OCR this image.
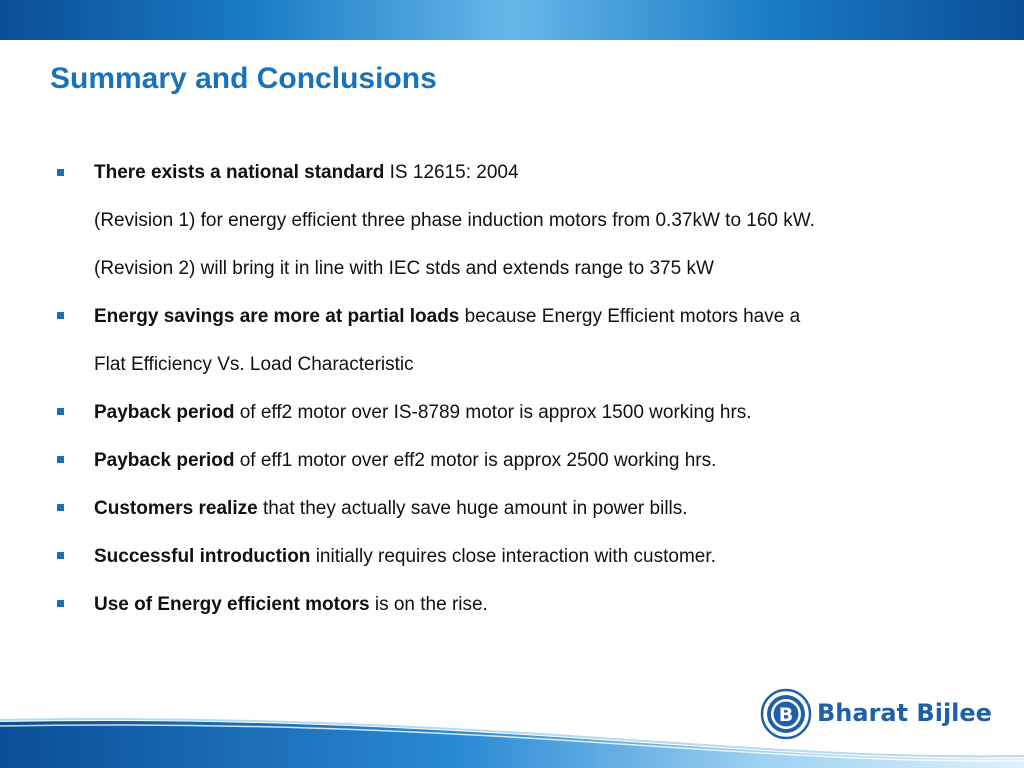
Summary and Conclusions
There exists a national standard IS 12615: 2004
(Revision 1) for energy efficient three phase induction motors from 0.37kW to 160 kW.
(Revision 2) will bring it in line with IEC stds and extends range to 375 kW
Energy savings are more at partial loads because Energy Efficient motors have a
Flat Efficiency Vs. Load Characteristic
Payback period of eff2 motor over IS-8789 motor is approx 1500 working hrs.
Payback period of eff1 motor over eff2 motor is approx 2500 working hrs.
Customers realize that they actually save huge amount in power bills.
Successful introduction initially requires close interaction with customer.
Use of Energy efficient motors is on the rise.
B Bharat Bijlee
